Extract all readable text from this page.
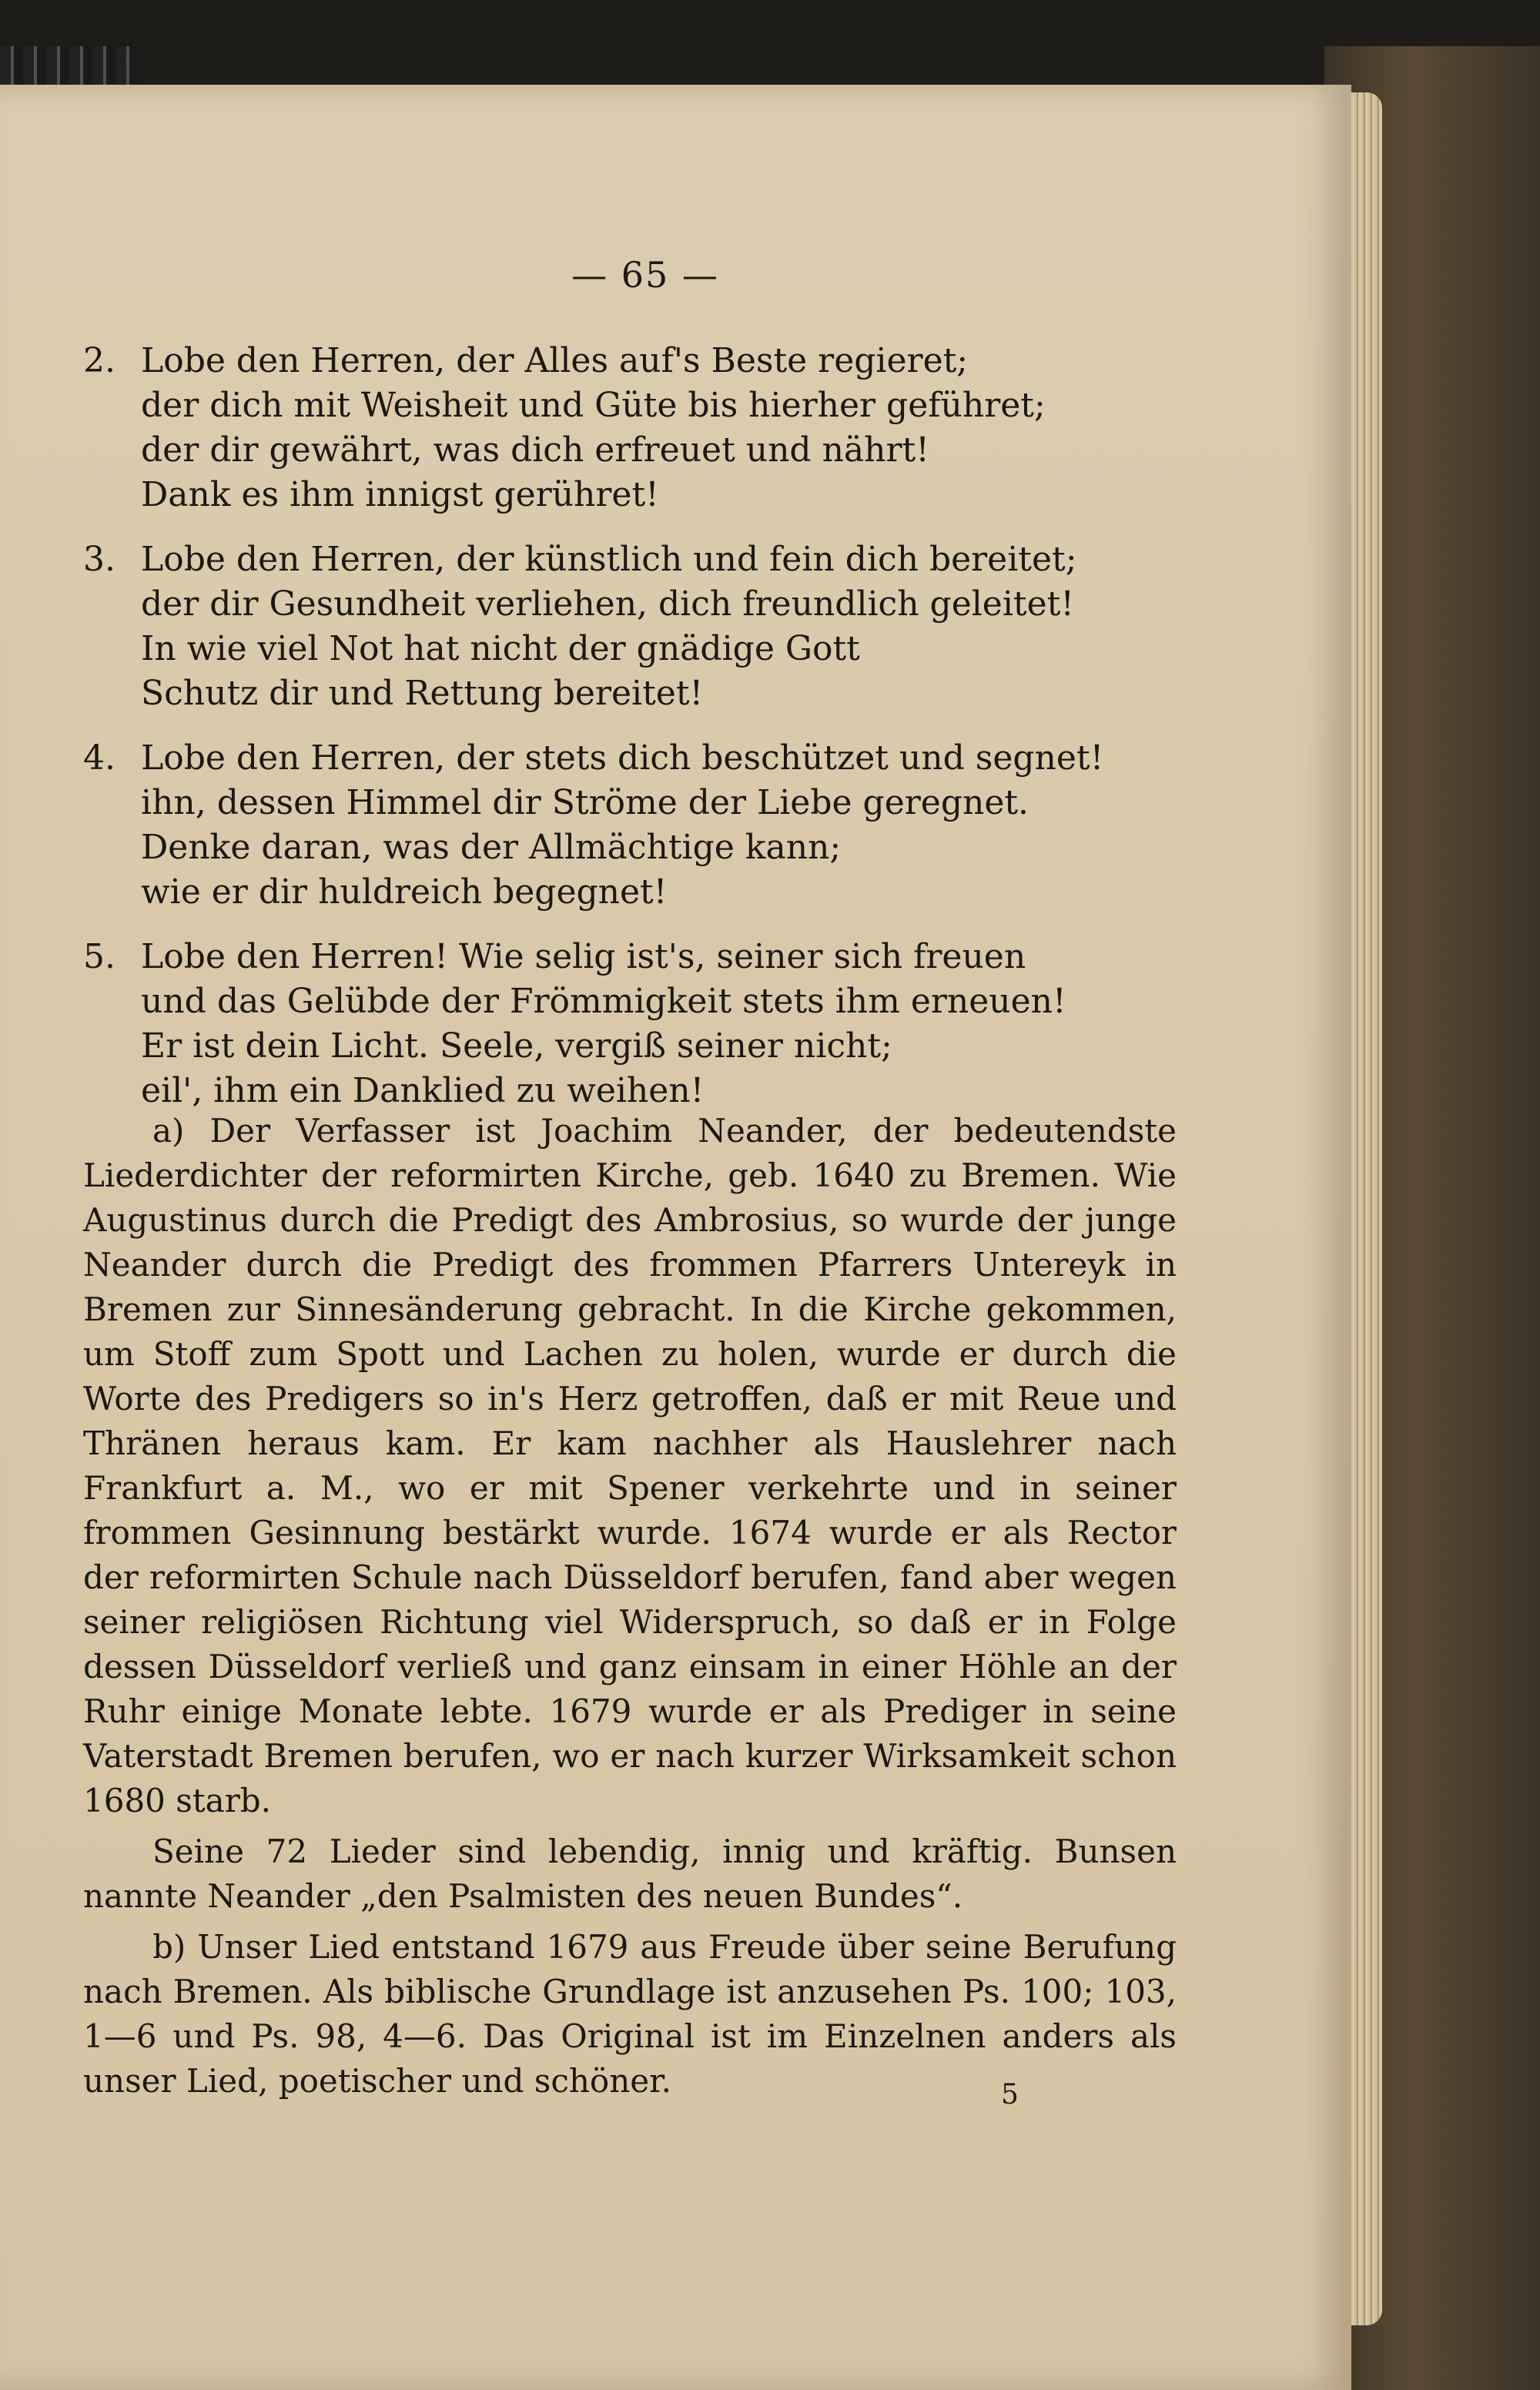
— 65 —
2. Lobe den Herren, der Alles auf's Beste regieret;
der dich mit Weisheit und Güte bis hierher geführet;
der dir gewährt, was dich erfreuet und nährt!
Dank es ihm innigst gerühret!
3. Lobe den Herren, der künstlich und fein dich bereitet;
der dir Gesundheit verliehen, dich freundlich geleitet!
In wie viel Not hat nicht der gnädige Gott
Schutz dir und Rettung bereitet!
4. Lobe den Herren, der stets dich beschützet und segnet!
ihn, dessen Himmel dir Ströme der Liebe geregnet.
Denke daran, was der Allmächtige kann;
wie er dir huldreich begegnet!
5. Lobe den Herren! Wie selig ist's, seiner sich freuen
und das Gelübde der Frömmigkeit stets ihm erneuen!
Er ist dein Licht. Seele, vergiß seiner nicht;
eil', ihm ein Danklied zu weihen!

a) Der Verfasser ist Joachim Neander, der bedeutendste Liederdichter der reformirten Kirche, geb. 1640 zu Bremen. Wie Augustinus durch die Predigt des Ambrosius, so wurde der junge Neander durch die Predigt des frommen Pfarrers Untereyk in Bremen zur Sinnesänderung gebracht. In die Kirche gekommen, um Stoff zum Spott und Lachen zu holen, wurde er durch die Worte des Predigers so in's Herz getroffen, daß er mit Reue und Thränen heraus kam. Er kam nachher als Hauslehrer nach Frankfurt a. M., wo er mit Spener verkehrte und in seiner frommen Gesinnung bestärkt wurde. 1674 wurde er als Rector der reformirten Schule nach Düsseldorf berufen, fand aber wegen seiner religiösen Richtung viel Widerspruch, so daß er in Folge dessen Düsseldorf verließ und ganz einsam in einer Höhle an der Ruhr einige Monate lebte. 1679 wurde er als Prediger in seine Vaterstadt Bremen berufen, wo er nach kurzer Wirksamkeit schon 1680 starb.

Seine 72 Lieder sind lebendig, innig und kräftig. Bunsen nannte Neander „den Psalmisten des neuen Bundes“.

b) Unser Lied entstand 1679 aus Freude über seine Berufung nach Bremen. Als biblische Grundlage ist anzusehen Ps. 100; 103, 1—6 und Ps. 98, 4—6. Das Original ist im Einzelnen anders als unser Lied, poetischer und schöner.	5
